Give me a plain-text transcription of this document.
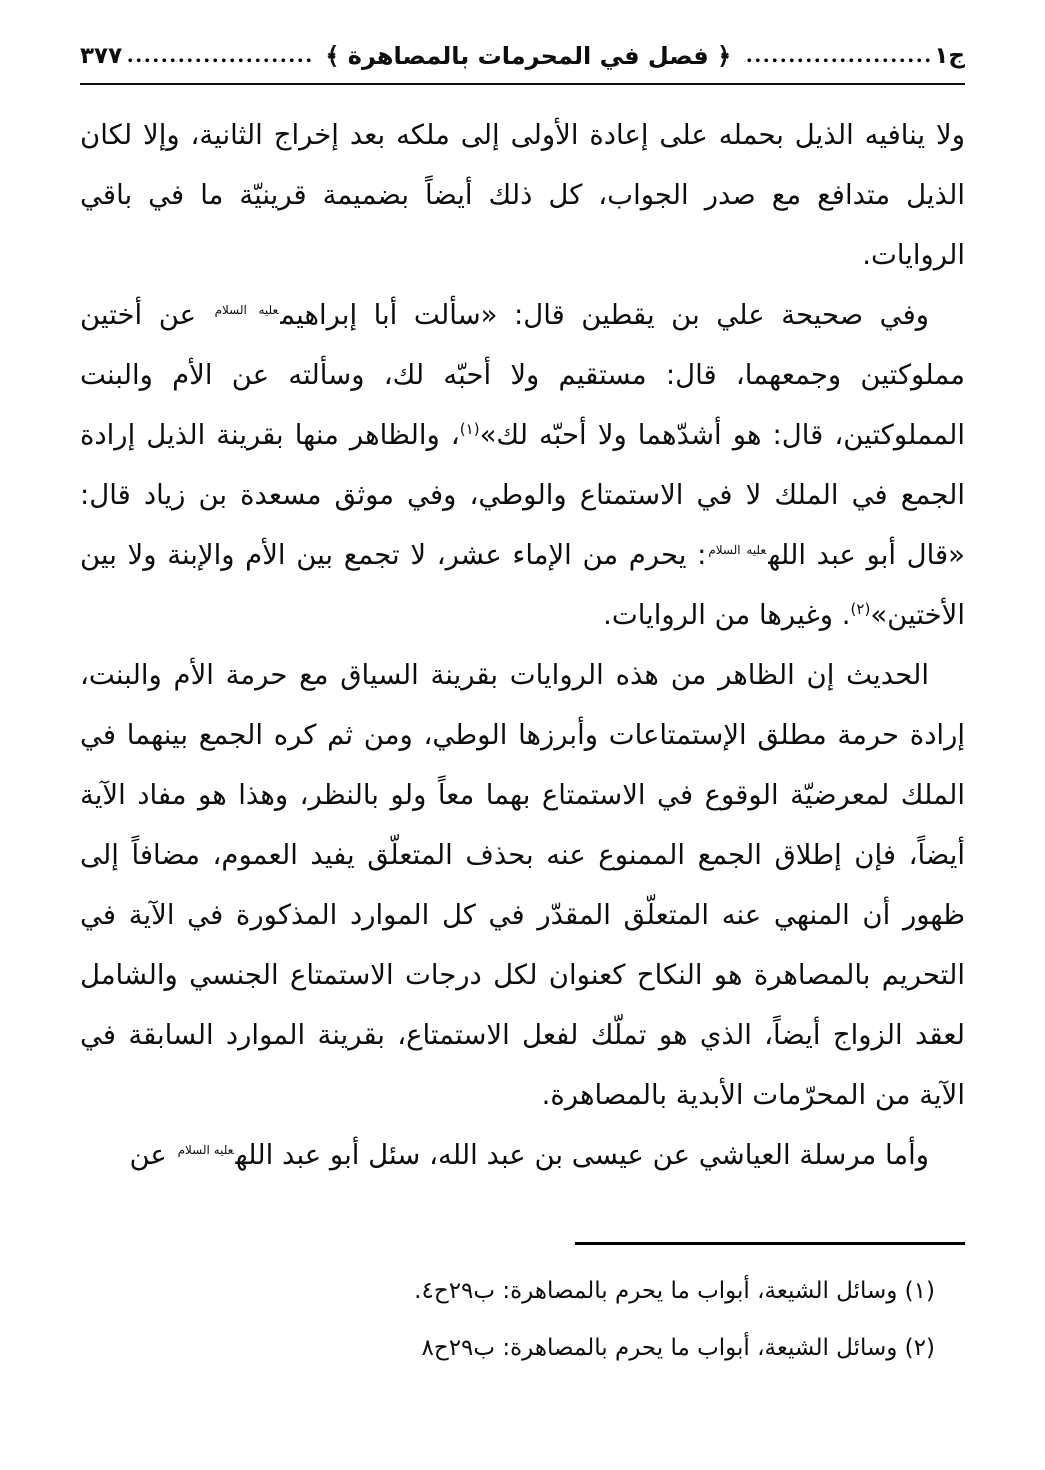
ج١
﴿ فصل في المحرمات بالمصاهرة ﴾
٣٧٧

ولا ينافيه الذيل بحمله على إعادة الأولى إلى ملكه بعد إخراج الثانية، وإلا لكان الذيل متدافع مع صدر الجواب، كل ذلك أيضاً بضميمة قرينيّة ما في باقي الروايات.

وفي صحيحة علي بن يقطين قال: «سألت أبا إبراهيم$^{عليه السلام}$ عن أختين مملوكتين وجمعهما، قال: مستقيم ولا أحبّه لك، وسألته عن الأم والبنت المملوكتين، قال: هو أشدّهما ولا أحبّه لك»$^{(١)}$، والظاهر منها بقرينة الذيل إرادة الجمع في الملك لا في الاستمتاع والوطي، وفي موثق مسعدة بن زياد قال: «قال أبو عبد الله$^{عليه السلام}$: يحرم من الإماء عشر، لا تجمع بين الأم والإبنة ولا بين الأختين»$^{(٢)}$. وغيرها من الروايات.

الحديث إن الظاهر من هذه الروايات بقرينة السياق مع حرمة الأم والبنت، إرادة حرمة مطلق الإستمتاعات وأبرزها الوطي، ومن ثم كره الجمع بينهما في الملك لمعرضيّة الوقوع في الاستمتاع بهما معاً ولو بالنظر، وهذا هو مفاد الآية أيضاً، فإن إطلاق الجمع الممنوع عنه بحذف المتعلّق يفيد العموم، مضافاً إلى ظهور أن المنهي عنه المتعلّق المقدّر في كل الموارد المذكورة في الآية في التحريم بالمصاهرة هو النكاح كعنوان لكل درجات الاستمتاع الجنسي والشامل لعقد الزواج أيضاً، الذي هو تملّك لفعل الاستمتاع، بقرينة الموارد السابقة في الآية من المحرّمات الأبدية بالمصاهرة.

وأما مرسلة العياشي عن عيسى بن عبد الله، سئل أبو عبد الله$^{عليه السلام}$ عن

(١) وسائل الشيعة، أبواب ما يحرم بالمصاهرة: ب٢٩ح٤.
(٢) وسائل الشيعة، أبواب ما يحرم بالمصاهرة: ب٢٩ح٨
